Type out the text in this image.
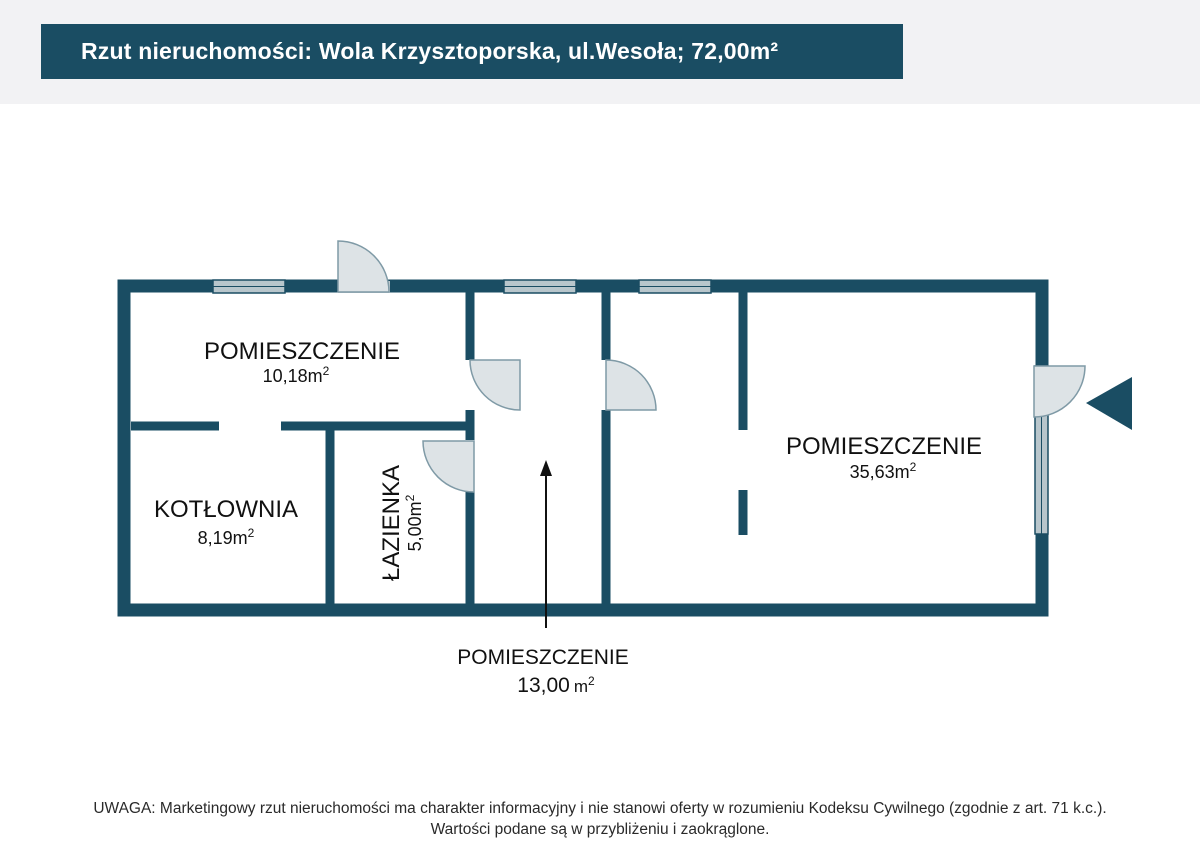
Rzut nieruchomości: Wola Krzysztoporska, ul.Wesoła; 72,00m²
POMIESZCZENIE
$10,18m^2$
KOTŁOWNIA
$8,19m^2$	ŁAZIENKA $5,00m^2$
POMIESZCZENIE
$35,63m^2$
POMIESZCZENIE
13,00 $m^2$
UWAGA: Marketingowy rzut nieruchomości ma charakter informacyjny i nie stanowi oferty w rozumieniu Kodeksu Cywilnego (zgodnie z art. 71 k.c.).
Wartości podane są w przybliżeniu i zaokrąglone.
